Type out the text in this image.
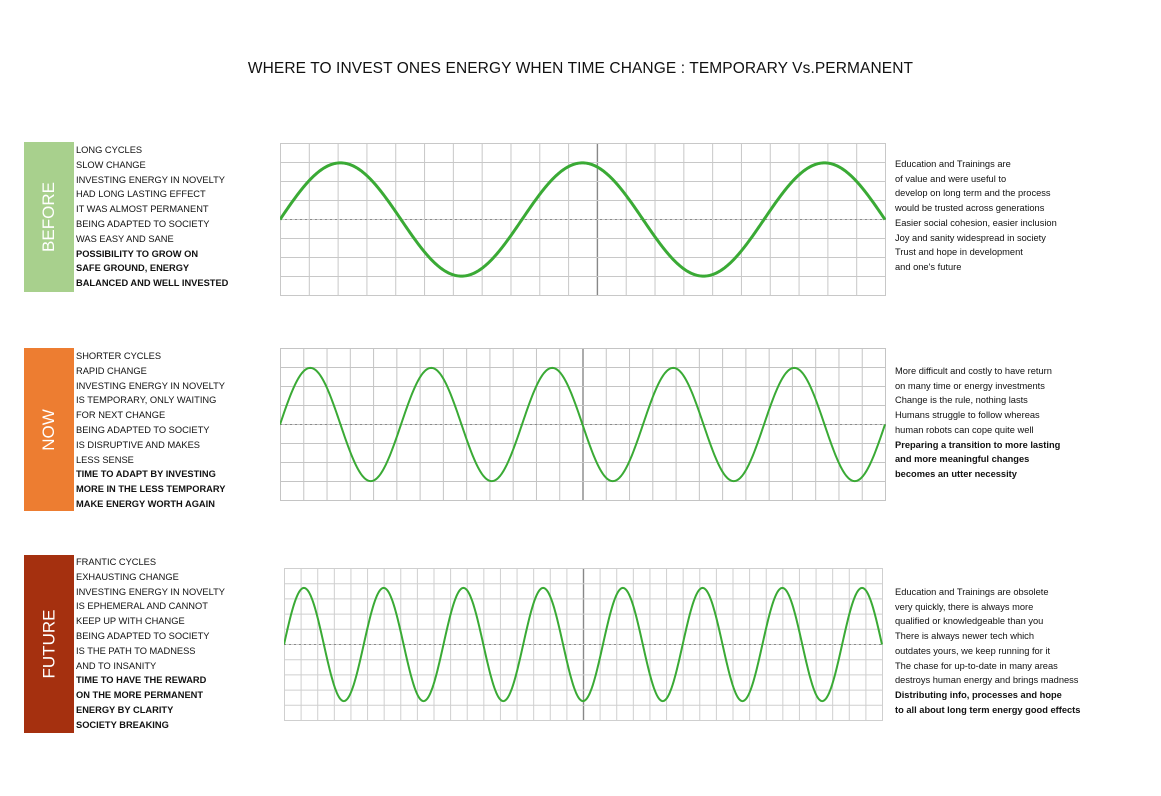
WHERE TO INVEST ONES ENERGY WHEN TIME CHANGE : TEMPORARY Vs.PERMANENT
BEFORE
LONG CYCLES
SLOW CHANGE
INVESTING ENERGY IN NOVELTY
HAD LONG LASTING EFFECT
IT WAS ALMOST PERMANENT
BEING ADAPTED TO SOCIETY
WAS EASY AND SANE
POSSIBILITY TO GROW ON
SAFE GROUND, ENERGY
BALANCED AND WELL INVESTED
Education and Trainings are
of value and were useful to
develop on long term and the process
would be trusted across generations
Easier social cohesion, easier inclusion
Joy and sanity widespread in society
Trust and hope in development
and one's future
NOW
SHORTER CYCLES
RAPID CHANGE
INVESTING ENERGY IN NOVELTY
IS TEMPORARY, ONLY WAITING
FOR NEXT CHANGE
BEING ADAPTED TO SOCIETY
IS DISRUPTIVE AND MAKES
LESS SENSE
TIME TO ADAPT BY INVESTING
MORE IN THE LESS TEMPORARY
MAKE ENERGY WORTH AGAIN
More difficult and costly to have return
on many time or energy investments
Change is the rule, nothing lasts
Humans struggle to follow whereas
human robots can cope quite well
Preparing a transition to more lasting
and more meaningful changes
becomes an utter necessity
FUTURE
FRANTIC CYCLES
EXHAUSTING CHANGE
INVESTING ENERGY IN NOVELTY
IS EPHEMERAL AND CANNOT
KEEP UP WITH CHANGE
BEING ADAPTED TO SOCIETY
IS THE PATH TO MADNESS
AND TO INSANITY
TIME TO HAVE THE REWARD
ON THE MORE PERMANENT
ENERGY BY CLARITY
SOCIETY BREAKING
Education and Trainings are obsolete
very quickly, there is always more
qualified or knowledgeable than you
There is always newer tech which
outdates yours, we keep running for it
The chase for up-to-date in many areas
destroys human energy and brings madness
Distributing info, processes and hope
to all about long term energy good effects
